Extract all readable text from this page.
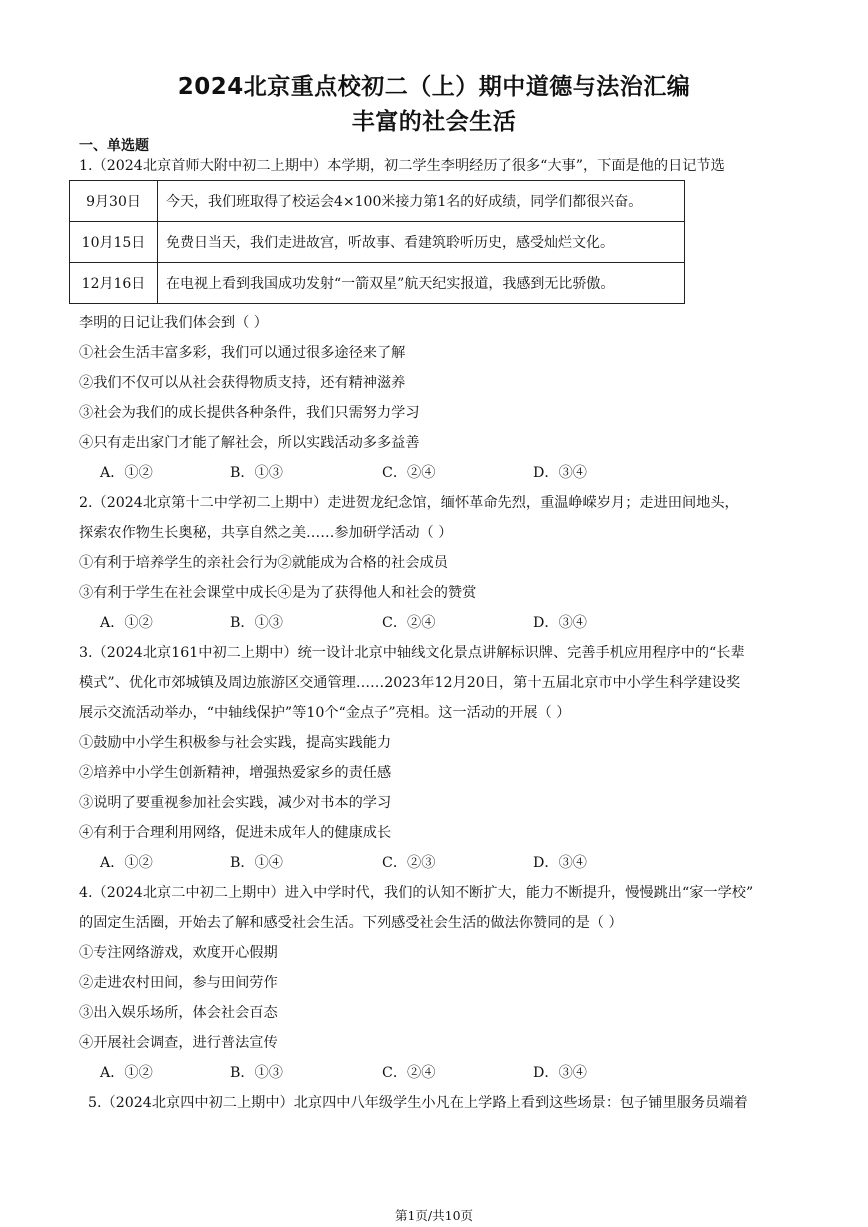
2024北京重点校初二（上）期中道德与法治汇编
丰富的社会生活
一、单选题
1.（2024北京首师大附中初二上期中）本学期，初二学生李明经历了很多“大事”，下面是他的日记节选
9月30日	今天，我们班取得了校运会4×100米接力第1名的好成绩，同学们都很兴奋。
10月15日	免费日当天，我们走进故宫，听故事、看建筑聆听历史，感受灿烂文化。
12月16日	在电视上看到我国成功发射“一箭双星”航天纪实报道，我感到无比骄傲。
李明的日记让我们体会到（ ）
①社会生活丰富多彩，我们可以通过很多途径来了解
②我们不仅可以从社会获得物质支持，还有精神滋养
③社会为我们的成长提供各种条件，我们只需努力学习
④只有走出家门才能了解社会，所以实践活动多多益善
A．①②	B．①③	C．②④	D．③④
2.（2024北京第十二中学初二上期中）走进贺龙纪念馆，缅怀革命先烈，重温峥嵘岁月；走进田间地头，
探索农作物生长奥秘，共享自然之美……参加研学活动（ ）
①有利于培养学生的亲社会行为②就能成为合格的社会成员
③有利于学生在社会课堂中成长④是为了获得他人和社会的赞赏
A．①②	B．①③	C．②④	D．③④
3.（2024北京161中初二上期中）统一设计北京中轴线文化景点讲解标识牌、完善手机应用程序中的“长辈
模式”、优化市郊城镇及周边旅游区交通管理……2023年12月20日，第十五届北京市中小学生科学建设奖
展示交流活动举办，“中轴线保护”等10个“金点子”亮相。这一活动的开展（ ）
①鼓励中小学生积极参与社会实践，提高实践能力
②培养中小学生创新精神，增强热爱家乡的责任感
③说明了要重视参加社会实践，减少对书本的学习
④有利于合理利用网络，促进未成年人的健康成长
A．①②	B．①④	C．②③	D．③④
4.（2024北京二中初二上期中）进入中学时代，我们的认知不断扩大，能力不断提升，慢慢跳出“家一学校”
的固定生活圈，开始去了解和感受社会生活。下列感受社会生活的做法你赞同的是（ ）
①专注网络游戏，欢度开心假期
②走进农村田间，参与田间劳作
③出入娱乐场所，体会社会百态
④开展社会调查，进行普法宣传
A．①②	B．①③	C．②④	D．③④
5.（2024北京四中初二上期中）北京四中八年级学生小凡在上学路上看到这些场景：包子铺里服务员端着
第1页/共10页
